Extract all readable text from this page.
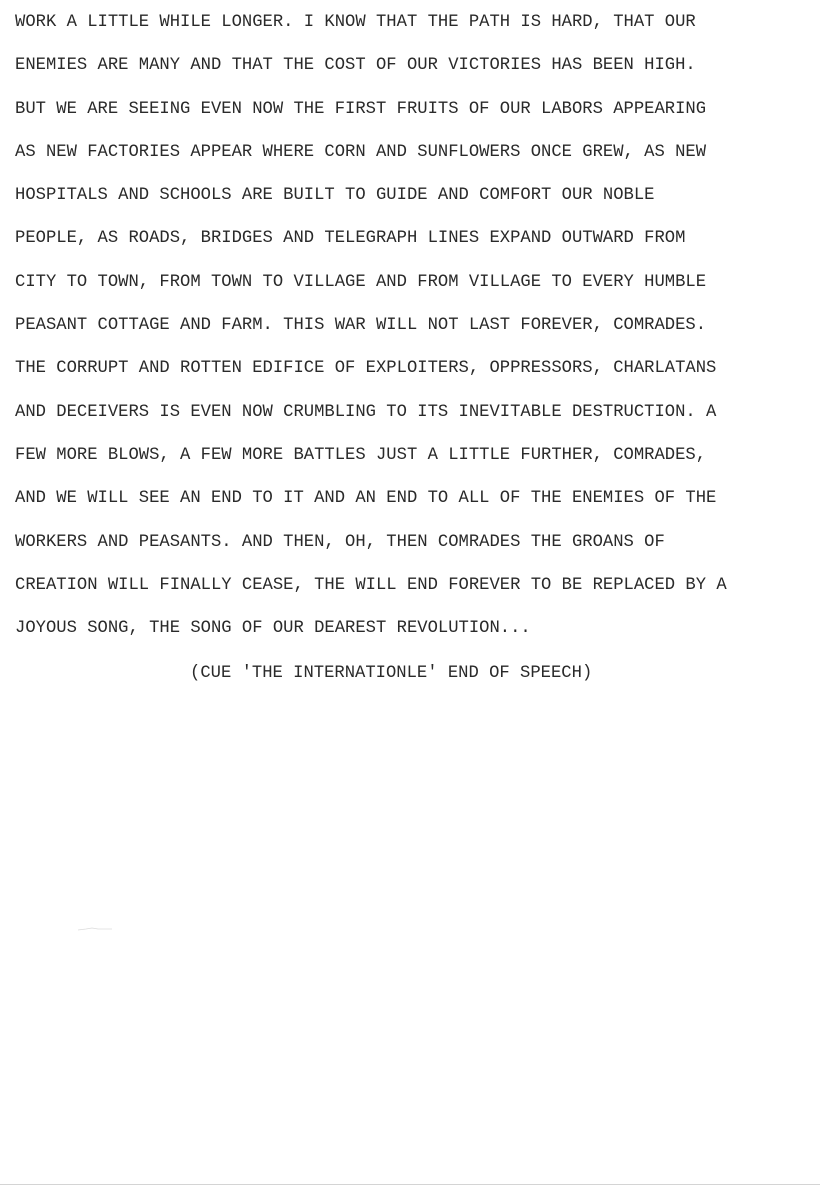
WORK A LITTLE WHILE LONGER. I KNOW THAT THE PATH IS HARD, THAT OUR
ENEMIES ARE MANY AND THAT THE COST OF OUR VICTORIES HAS BEEN HIGH.
BUT WE ARE SEEING EVEN NOW THE FIRST FRUITS OF OUR LABORS APPEARING
AS NEW FACTORIES APPEAR WHERE CORN AND SUNFLOWERS ONCE GREW, AS NEW
HOSPITALS AND SCHOOLS ARE BUILT TO GUIDE AND COMFORT OUR NOBLE
PEOPLE, AS ROADS, BRIDGES AND TELEGRAPH LINES EXPAND OUTWARD FROM
CITY TO TOWN, FROM TOWN TO VILLAGE AND FROM VILLAGE TO EVERY HUMBLE
PEASANT COTTAGE AND FARM. THIS WAR WILL NOT LAST FOREVER, COMRADES.
THE CORRUPT AND ROTTEN EDIFICE OF EXPLOITERS, OPPRESSORS, CHARLATANS
AND DECEIVERS IS EVEN NOW CRUMBLING TO ITS INEVITABLE DESTRUCTION. A
FEW MORE BLOWS, A FEW MORE BATTLES JUST A LITTLE FURTHER, COMRADES,
AND WE WILL SEE AN END TO IT AND AN END TO ALL OF THE ENEMIES OF THE
WORKERS AND PEASANTS. AND THEN, OH, THEN COMRADES THE GROANS OF
CREATION WILL FINALLY CEASE, THE WILL END FOREVER TO BE REPLACED BY A
JOYOUS SONG, THE SONG OF OUR DEAREST REVOLUTION...
(CUE 'THE INTERNATIONLE' END OF SPEECH)
